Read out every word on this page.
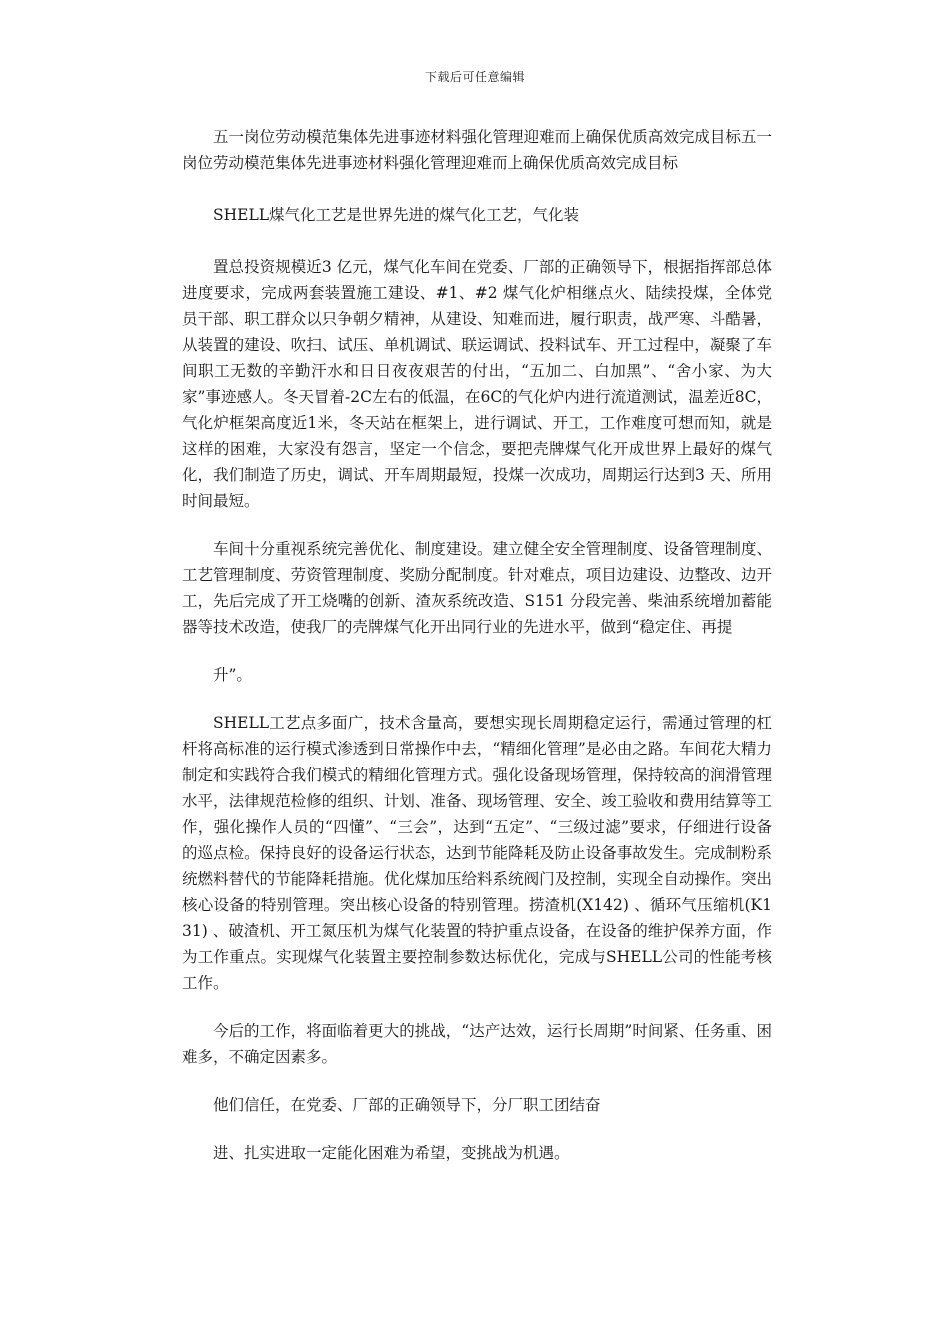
下载后可任意编辑

五一岗位劳动模范集体先进事迹材料强化管理迎难而上确保优质高效完成目标五一岗位劳动模范集体先进事迹材料强化管理迎难而上确保优质高效完成目标

SHELL煤气化工艺是世界先进的煤气化工艺，气化装

置总投资规模近3 亿元，煤气化车间在党委、厂部的正确领导下，根据指挥部总体进度要求，完成两套装置施工建设、#1、#2 煤气化炉相继点火、陆续投煤，全体党员干部、职工群众以只争朝夕精神，从建设、知难而进，履行职责，战严寒、斗酷暑，从装置的建设、吹扫、试压、单机调试、联运调试、投料试车、开工过程中，凝聚了车间职工无数的辛勤汗水和日日夜夜艰苦的付出，“五加二、白加黑”、“舍小家、为大家”事迹感人。冬天冒着-2C左右的低温，在6C的气化炉内进行流道测试，温差近8C，气化炉框架高度近1米，冬天站在框架上，进行调试、开工，工作难度可想而知，就是这样的困难，大家没有怨言，坚定一个信念，要把壳牌煤气化开成世界上最好的煤气化，我们制造了历史，调试、开车周期最短，投煤一次成功，周期运行达到3 天、所用时间最短。

车间十分重视系统完善优化、制度建设。建立健全安全管理制度、设备管理制度、工艺管理制度、劳资管理制度、奖励分配制度。针对难点，项目边建设、边整改、边开工，先后完成了开工烧嘴的创新、渣灰系统改造、S151 分段完善、柴油系统增加蓄能器等技术改造，使我厂的壳牌煤气化开出同行业的先进水平，做到“稳定住、再提

升”。

SHELL工艺点多面广，技术含量高，要想实现长周期稳定运行，需通过管理的杠杆将高标准的运行模式渗透到日常操作中去，“精细化管理”是必由之路。车间花大精力制定和实践符合我们模式的精细化管理方式。强化设备现场管理，保持较高的润滑管理水平，法律规范检修的组织、计划、准备、现场管理、安全、竣工验收和费用结算等工作，强化操作人员的“四懂”、“三会”，达到“五定”、“三级过滤”要求，仔细进行设备的巡点检。保持良好的设备运行状态，达到节能降耗及防止设备事故发生。完成制粉系统燃料替代的节能降耗措施。优化煤加压给料系统阀门及控制，实现全自动操作。突出核心设备的特别管理。突出核心设备的特别管理。捞渣机(X142) 、循环气压缩机(K131) 、破渣机、开工氮压机为煤气化装置的特护重点设备，在设备的维护保养方面，作为工作重点。实现煤气化装置主要控制参数达标优化，完成与SHELL公司的性能考核工作。

今后的工作，将面临着更大的挑战，“达产达效，运行长周期”时间紧、任务重、困难多，不确定因素多。

他们信任，在党委、厂部的正确领导下，分厂职工团结奋

进、扎实进取一定能化困难为希望，变挑战为机遇。
